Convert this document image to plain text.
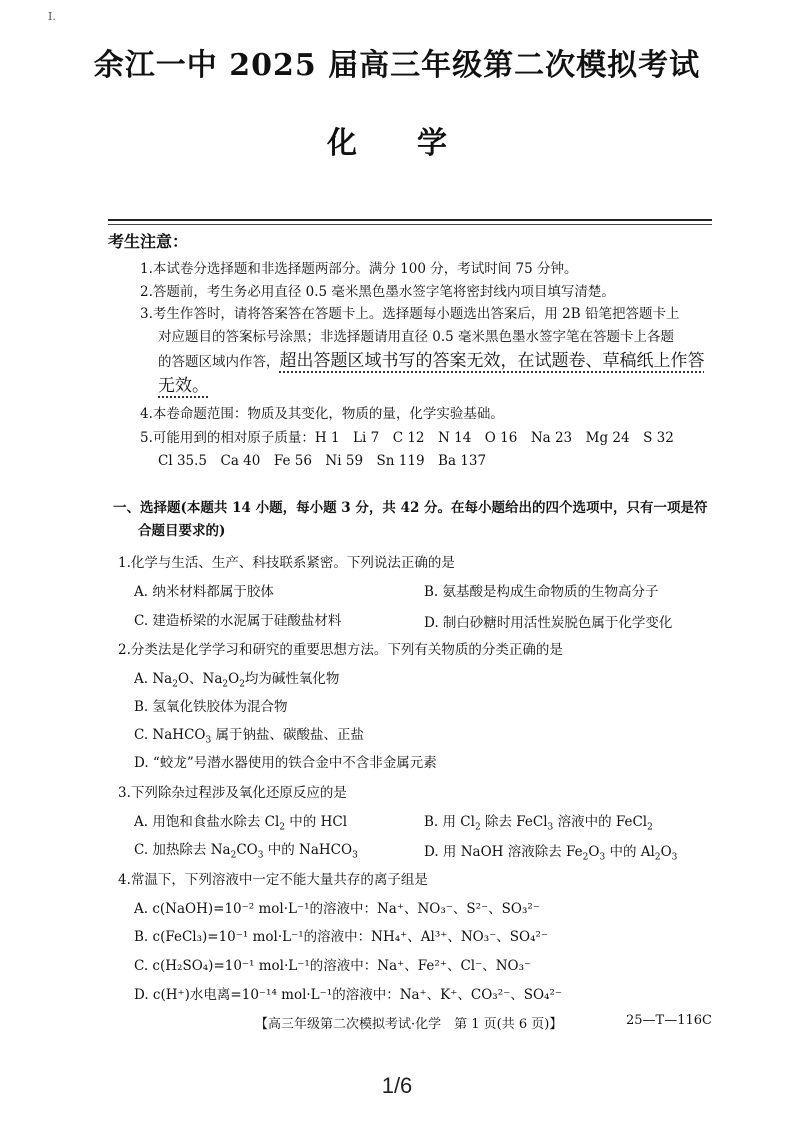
I.
余江一中 2025 届高三年级第二次模拟考试
化学
考生注意：
1.本试卷分选择题和非选择题两部分。满分 100 分，考试时间 75 分钟。
2.答题前，考生务必用直径 0.5 毫米黑色墨水签字笔将密封线内项目填写清楚。
3.考生作答时，请将答案答在答题卡上。选择题每小题选出答案后，用 2B 铅笔把答题卡上
对应题目的答案标号涂黑；非选择题请用直径 0.5 毫米黑色墨水签字笔在答题卡上各题
的答题区域内作答，超出答题区域书写的答案无效，在试题卷、草稿纸上作答
无效。
4.本卷命题范围：物质及其变化，物质的量，化学实验基础。
5.可能用到的相对原子质量：H 1　Li 7　C 12　N 14　O 16　Na 23　Mg 24　S 32
Cl 35.5　Ca 40　Fe 56　Ni 59　Sn 119　Ba 137
一、选择题(本题共 14 小题，每小题 3 分，共 42 分。在每小题给出的四个选项中，只有一项是符
合题目要求的)
1.化学与生活、生产、科技联系紧密。下列说法正确的是
A. 纳米材料都属于胶体	B. 氨基酸是构成生命物质的生物高分子
C. 建造桥梁的水泥属于硅酸盐材料	D. 制白砂糖时用活性炭脱色属于化学变化
2.分类法是化学学习和研究的重要思想方法。下列有关物质的分类正确的是
A. $Na_2O$、$Na_2O_2$均为碱性氧化物
B. 氢氧化铁胶体为混合物
C. NaHCO$_3$ 属于钠盐、碳酸盐、正盐
D. “蛟龙”号潜水器使用的铁合金中不含非金属元素
3.下列除杂过程涉及氧化还原反应的是
A. 用饱和食盐水除去 $Cl_2$ 中的 HCl	B. 用 $Cl_2$ 除去 FeCl$_3$ 溶液中的 FeCl$_2$
C. 加热除去 $Na_2CO_3$ 中的 NaHCO$_3$	D. 用 NaOH 溶液除去 $Fe_2O_3$ 中的 $Al_2O_3$
4.常温下，下列溶液中一定不能大量共存的离子组是
A. c(NaOH)=10⁻² mol·L⁻¹的溶液中：Na⁺、NO₃⁻、S²⁻、SO₃²⁻
B. c(FeCl₃)=10⁻¹ mol·L⁻¹的溶液中：NH₄⁺、Al³⁺、NO₃⁻、SO₄²⁻
C. c(H₂SO₄)=10⁻¹ mol·L⁻¹的溶液中：Na⁺、Fe²⁺、Cl⁻、NO₃⁻
D. c(H⁺)水电离=10⁻¹⁴ mol·L⁻¹的溶液中：Na⁺、K⁺、CO₃²⁻、SO₄²⁻
【高三年级第二次模拟考试·化学　第 1 页(共 6 页)】	25—T—116C
1/6
